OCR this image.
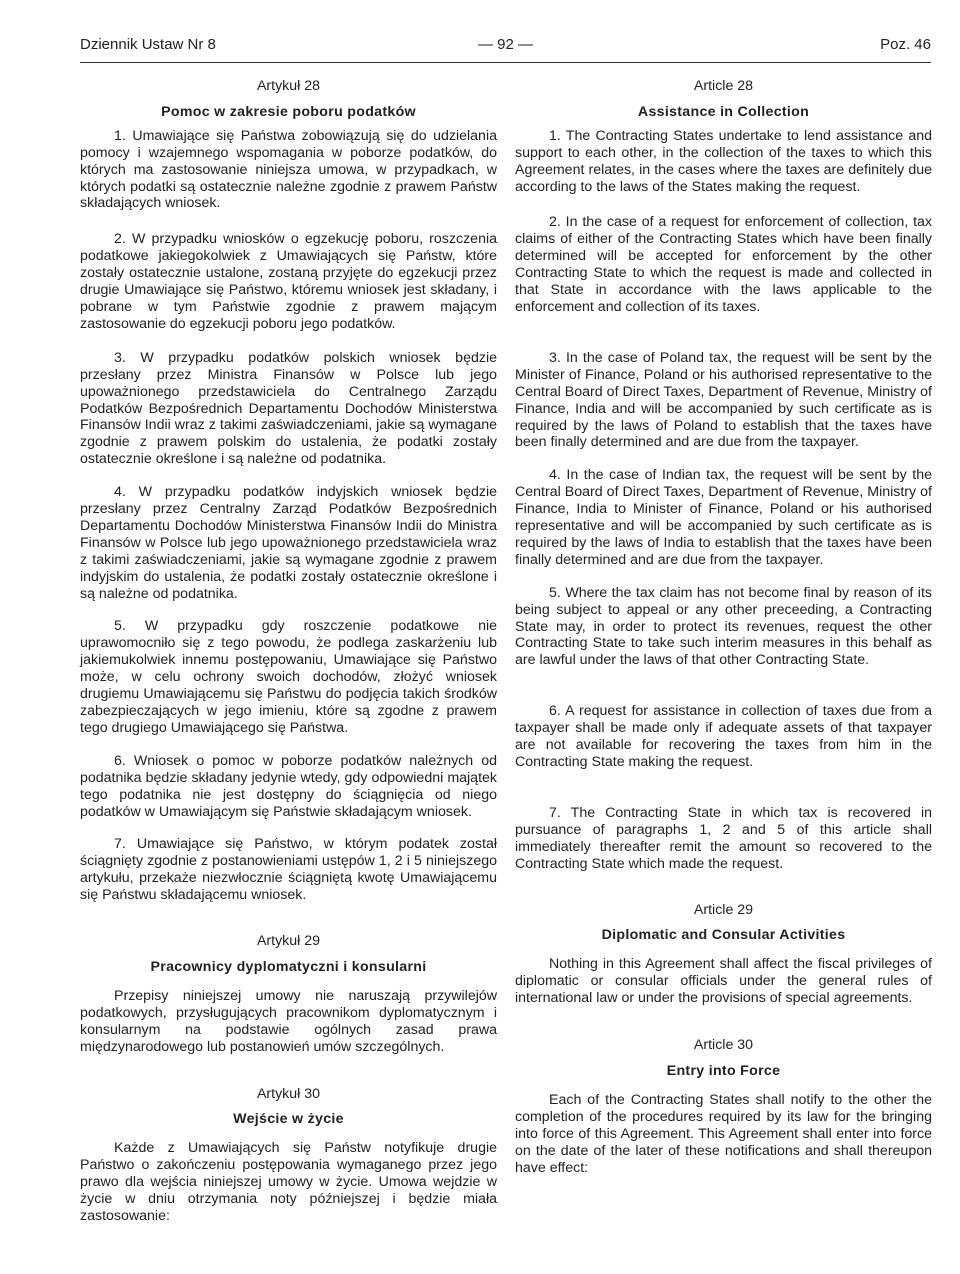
Dziennik Ustaw Nr 8	— 92 —	Poz. 46

Artykuł 28

Pomoc w zakresie poboru podatków

1. Umawiające się Państwa zobowiązują się do udzielania pomocy i wzajemnego wspomagania w poborze podatków, do których ma zastosowanie niniejsza umowa, w przypadkach, w których podatki są ostatecznie należne zgodnie z prawem Państw składających wniosek.

2. W przypadku wniosków o egzekucję poboru, roszczenia podatkowe jakiegokolwiek z Umawiających się Państw, które zostały ostatecznie ustalone, zostaną przyjęte do egzekucji przez drugie Umawiające się Państwo, któremu wniosek jest składany, i pobrane w tym Państwie zgodnie z prawem mającym zastosowanie do egzekucji poboru jego podatków.

3. W przypadku podatków polskich wniosek będzie przesłany przez Ministra Finansów w Polsce lub jego upoważnionego przedstawiciela do Centralnego Zarządu Podatków Bezpośrednich Departamentu Dochodów Ministerstwa Finansów Indii wraz z takimi zaświadczeniami, jakie są wymagane zgodnie z prawem polskim do ustalenia, że podatki zostały ostatecznie określone i są należne od podatnika.

4. W przypadku podatków indyjskich wniosek będzie przesłany przez Centralny Zarząd Podatków Bezpośrednich Departamentu Dochodów Ministerstwa Finansów Indii do Ministra Finansów w Polsce lub jego upoważnionego przedstawiciela wraz z takimi zaświadczeniami, jakie są wymagane zgodnie z prawem indyjskim do ustalenia, że podatki zostały ostatecznie określone i są należne od podatnika.

5. W przypadku gdy roszczenie podatkowe nie uprawomocniło się z tego powodu, że podlega zaskarżeniu lub jakiemukolwiek innemu postępowaniu, Umawiające się Państwo może, w celu ochrony swoich dochodów, złożyć wniosek drugiemu Umawiającemu się Państwu do podjęcia takich środków zabezpieczających w jego imieniu, które są zgodne z prawem tego drugiego Umawiającego się Państwa.

6. Wniosek o pomoc w poborze podatków należnych od podatnika będzie składany jedynie wtedy, gdy odpowiedni majątek tego podatnika nie jest dostępny do ściągnięcia od niego podatków w Umawiającym się Państwie składającym wniosek.

7. Umawiające się Państwo, w którym podatek został ściągnięty zgodnie z postanowieniami ustępów 1, 2 i 5 niniejszego artykułu, przekaże niezwłocznie ściągniętą kwotę Umawiającemu się Państwu składającemu wniosek.

Artykuł 29

Pracownicy dyplomatyczni i konsularni

Przepisy niniejszej umowy nie naruszają przywilejów podatkowych, przysługujących pracownikom dyplomatycznym i konsularnym na podstawie ogólnych zasad prawa międzynarodowego lub postanowień umów szczególnych.

Artykuł 30

Wejście w życie

Każde z Umawiających się Państw notyfikuje drugie Państwo o zakończeniu postępowania wymaganego przez jego prawo dla wejścia niniejszej umowy w życie. Umowa wejdzie w życie w dniu otrzymania noty późniejszej i będzie miała zastosowanie:

Article 28

Assistance in Collection

1. The Contracting States undertake to lend assistance and support to each other, in the collection of the taxes to which this Agreement relates, in the cases where the taxes are definitely due according to the laws of the States making the request.

2. In the case of a request for enforcement of collection, tax claims of either of the Contracting States which have been finally determined will be accepted for enforcement by the other Contracting State to which the request is made and collected in that State in accordance with the laws applicable to the enforcement and collection of its taxes.

3. In the case of Poland tax, the request will be sent by the Minister of Finance, Poland or his authorised representative to the Central Board of Direct Taxes, Department of Revenue, Ministry of Finance, India and will be accompanied by such certificate as is required by the laws of Poland to establish that the taxes have been finally determined and are due from the taxpayer.

4. In the case of Indian tax, the request will be sent by the Central Board of Direct Taxes, Department of Revenue, Ministry of Finance, India to Minister of Finance, Poland or his authorised representative and will be accompanied by such certificate as is required by the laws of India to establish that the taxes have been finally determined and are due from the taxpayer.

5. Where the tax claim has not become final by reason of its being subject to appeal or any other preceeding, a Contracting State may, in order to protect its revenues, request the other Contracting State to take such interim measures in this behalf as are lawful under the laws of that other Contracting State.

6. A request for assistance in collection of taxes due from a taxpayer shall be made only if adequate assets of that taxpayer are not available for recovering the taxes from him in the Contracting State making the request.

7. The Contracting State in which tax is recovered in pursuance of paragraphs 1, 2 and 5 of this article shall immediately thereafter remit the amount so recovered to the Contracting State which made the request.

Article 29

Diplomatic and Consular Activities

Nothing in this Agreement shall affect the fiscal privileges of diplomatic or consular officials under the general rules of international law or under the provisions of special agreements.

Article 30

Entry into Force

Each of the Contracting States shall notify to the other the completion of the procedures required by its law for the bringing into force of this Agreement. This Agreement shall enter into force on the date of the later of these notifications and shall thereupon have effect:
